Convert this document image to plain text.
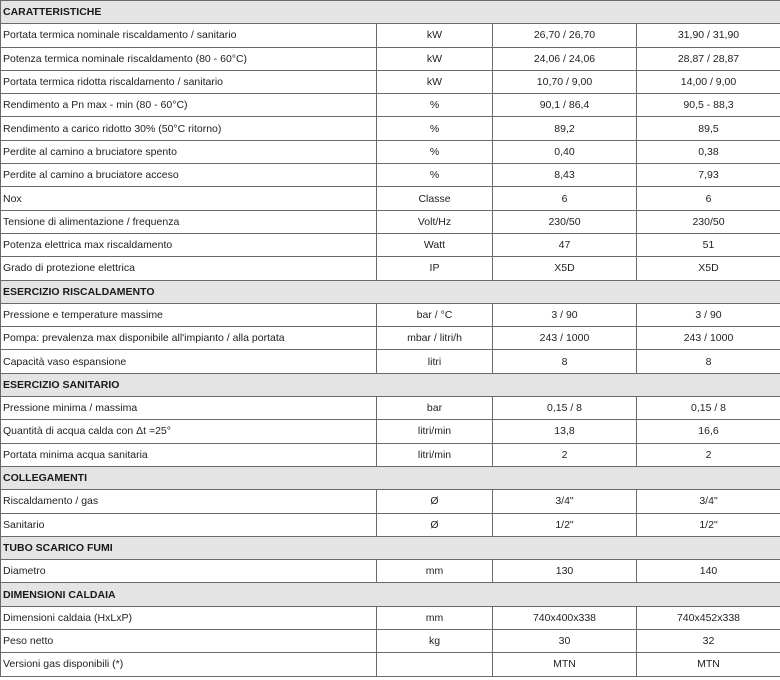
CARATTERISTICHE			
Portata termica nominale riscaldamento / sanitario	kW	26,70 / 26,70	31,90 / 31,90
Potenza termica nominale riscaldamento (80 - 60°C)	kW	24,06 / 24,06	28,87 / 28,87
Portata termica ridotta riscaldamento / sanitario	kW	10,70 / 9,00	14,00 / 9,00
Rendimento a Pn max - min (80 - 60°C)	%	90,1 / 86,4	90,5 - 88,3
Rendimento a carico ridotto 30% (50°C ritorno)	%	89,2	89,5
Perdite al camino a bruciatore spento	%	0,40	0,38
Perdite al camino a bruciatore acceso	%	8,43	7,93
Nox	Classe	6	6
Tensione di alimentazione / frequenza	Volt/Hz	230/50	230/50
Potenza elettrica max riscaldamento	Watt	47	51
Grado di protezione elettrica	IP	X5D	X5D
ESERCIZIO RISCALDAMENTO			
Pressione e temperature massime	bar / °C	3 / 90	3 / 90
Pompa: prevalenza max disponibile all'impianto / alla portata	mbar / litri/h	243 / 1000	243 / 1000
Capacità vaso espansione	litri	8	8
ESERCIZIO SANITARIO			
Pressione minima / massima	bar	0,15 / 8	0,15 / 8
Quantità di acqua calda con Δt =25°	litri/min	13,8	16,6
Portata minima acqua sanitaria	litri/min	2	2
COLLEGAMENTI			
Riscaldamento / gas	Ø	3/4"	3/4"
Sanitario	Ø	1/2"	1/2"
TUBO SCARICO FUMI			
Diametro	mm	130	140
DIMENSIONI CALDAIA			
Dimensioni caldaia (HxLxP)	mm	740x400x338	740x452x338
Peso netto	kg	30	32
Versioni gas disponibili (*)		MTN	MTN
